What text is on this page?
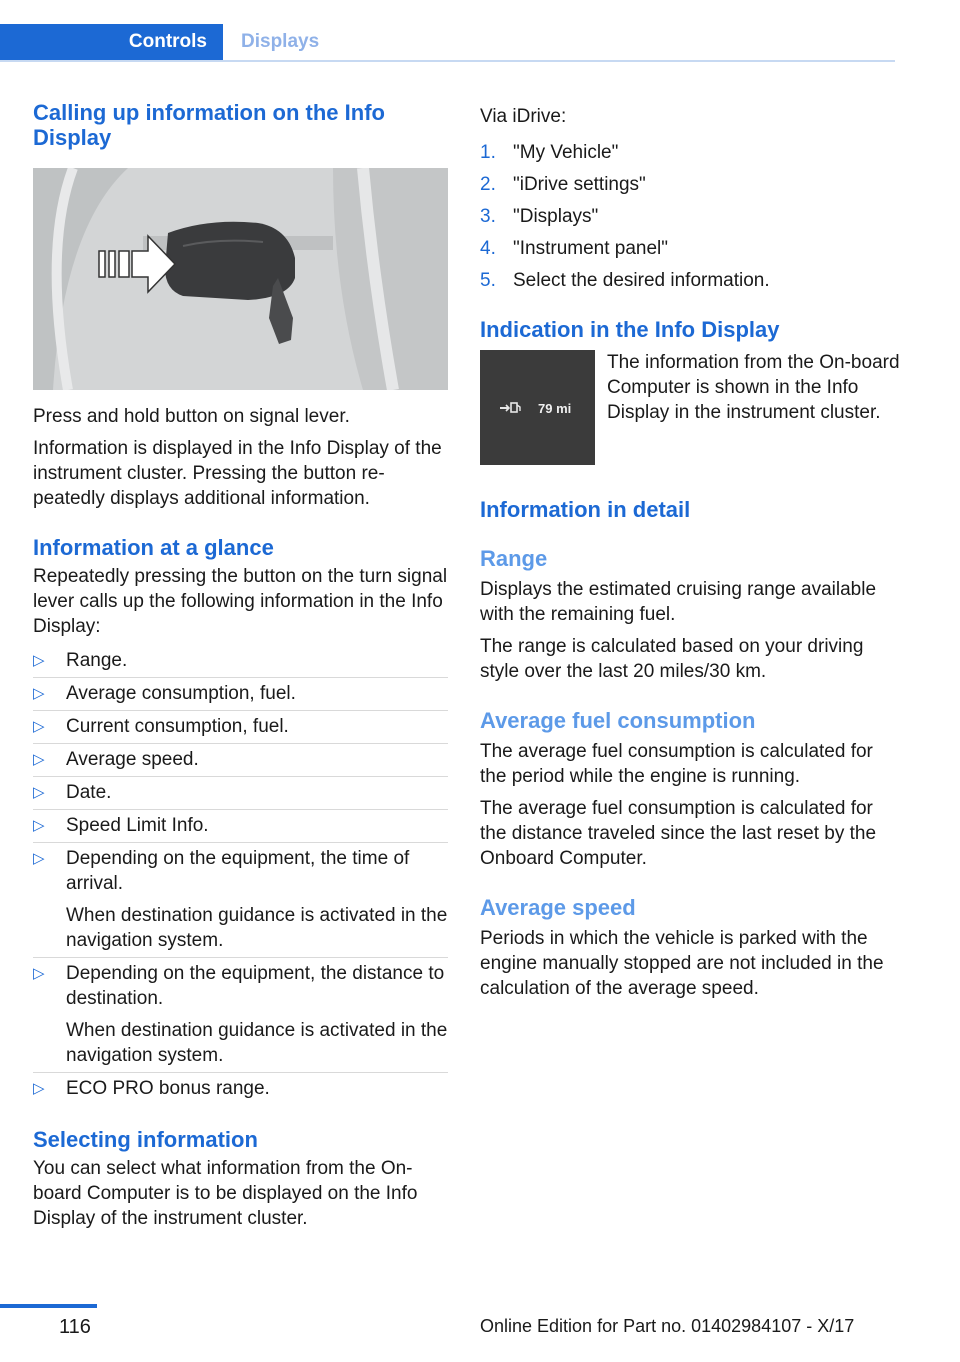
Controls	Displays
Calling up information on the Info Display

Press and hold button on signal lever.

Information is displayed in the Info Display of the instrument cluster. Pressing the button re‐peatedly displays additional information.

Information at a glance

Repeatedly pressing the button on the turn signal lever calls up the following information in the Info Display:

▷ Range.
▷ Average consumption, fuel.
▷ Current consumption, fuel.
▷ Average speed.
▷ Date.
▷ Speed Limit Info.
▷ Depending on the equipment, the time of arrival.
When destination guidance is activated in the navigation system.
▷ Depending on the equipment, the distance to destination.
When destination guidance is activated in the navigation system.
▷ ECO PRO bonus range.
Selecting information

You can select what information from the On‐board Computer is to be displayed on the Info Display of the instrument cluster.

Via iDrive:

1. "My Vehicle"
2. "iDrive settings"
3. "Displays"
4. "Instrument panel"
5. Select the desired information.
Indication in the Info Display
79 mi
The information from the On‐board Computer is shown in the Info Display in the instrument cluster.
Information in detail
Range

Displays the estimated cruising range available with the remaining fuel.

The range is calculated based on your driving style over the last 20 miles/30 km.

Average fuel consumption

The average fuel consumption is calculated for the period while the engine is running.

The average fuel consumption is calculated for the distance traveled since the last reset by the Onboard Computer.

Average speed

Periods in which the vehicle is parked with the engine manually stopped are not included in the calculation of the average speed.

116	Online Edition for Part no. 01402984107 - X/17
